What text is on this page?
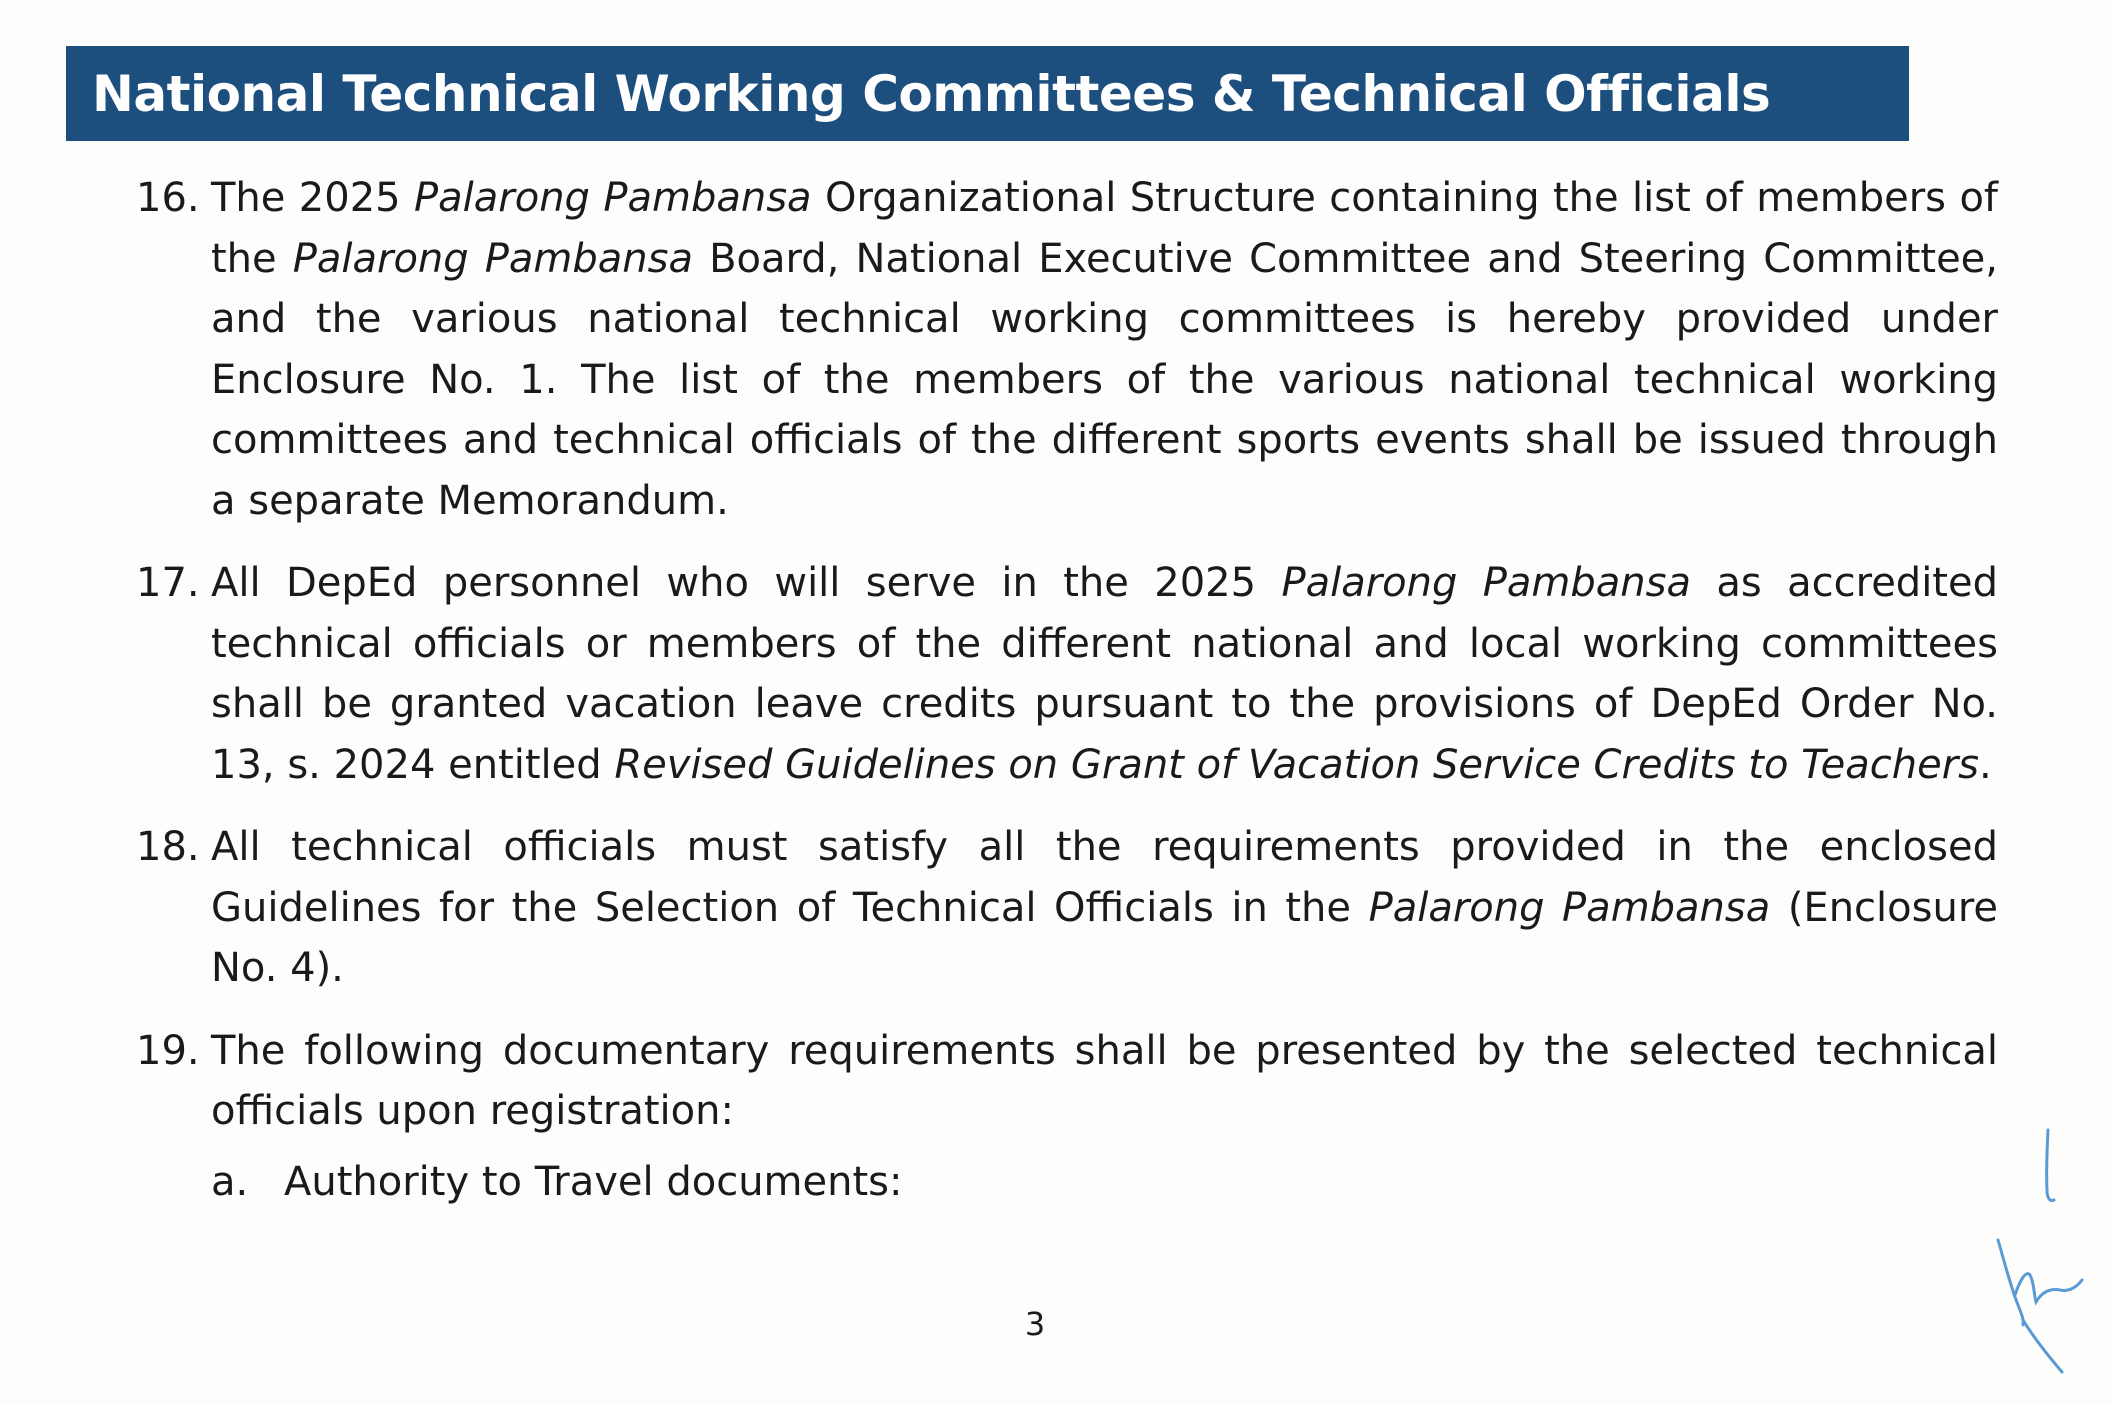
National Technical Working Committees & Technical Officials
16. The 2025 Palarong Pambansa Organizational Structure containing the list of members of the Palarong Pambansa Board, National Executive Committee and Steering Committee, and the various national technical working committees is hereby provided under Enclosure No. 1. The list of the members of the various national technical working committees and technical officials of the different sports events shall be issued through a separate Memorandum.
17. All DepEd personnel who will serve in the 2025 Palarong Pambansa as accredited technical officials or members of the different national and local working committees shall be granted vacation leave credits pursuant to the provisions of DepEd Order No. 13, s. 2024 entitled Revised Guidelines on Grant of Vacation Service Credits to Teachers.
18. All technical officials must satisfy all the requirements provided in the enclosed Guidelines for the Selection of Technical Officials in the Palarong Pambansa (Enclosure No. 4).
19. The following documentary requirements shall be presented by the selected technical officials upon registration:
a. Authority to Travel documents:
3
